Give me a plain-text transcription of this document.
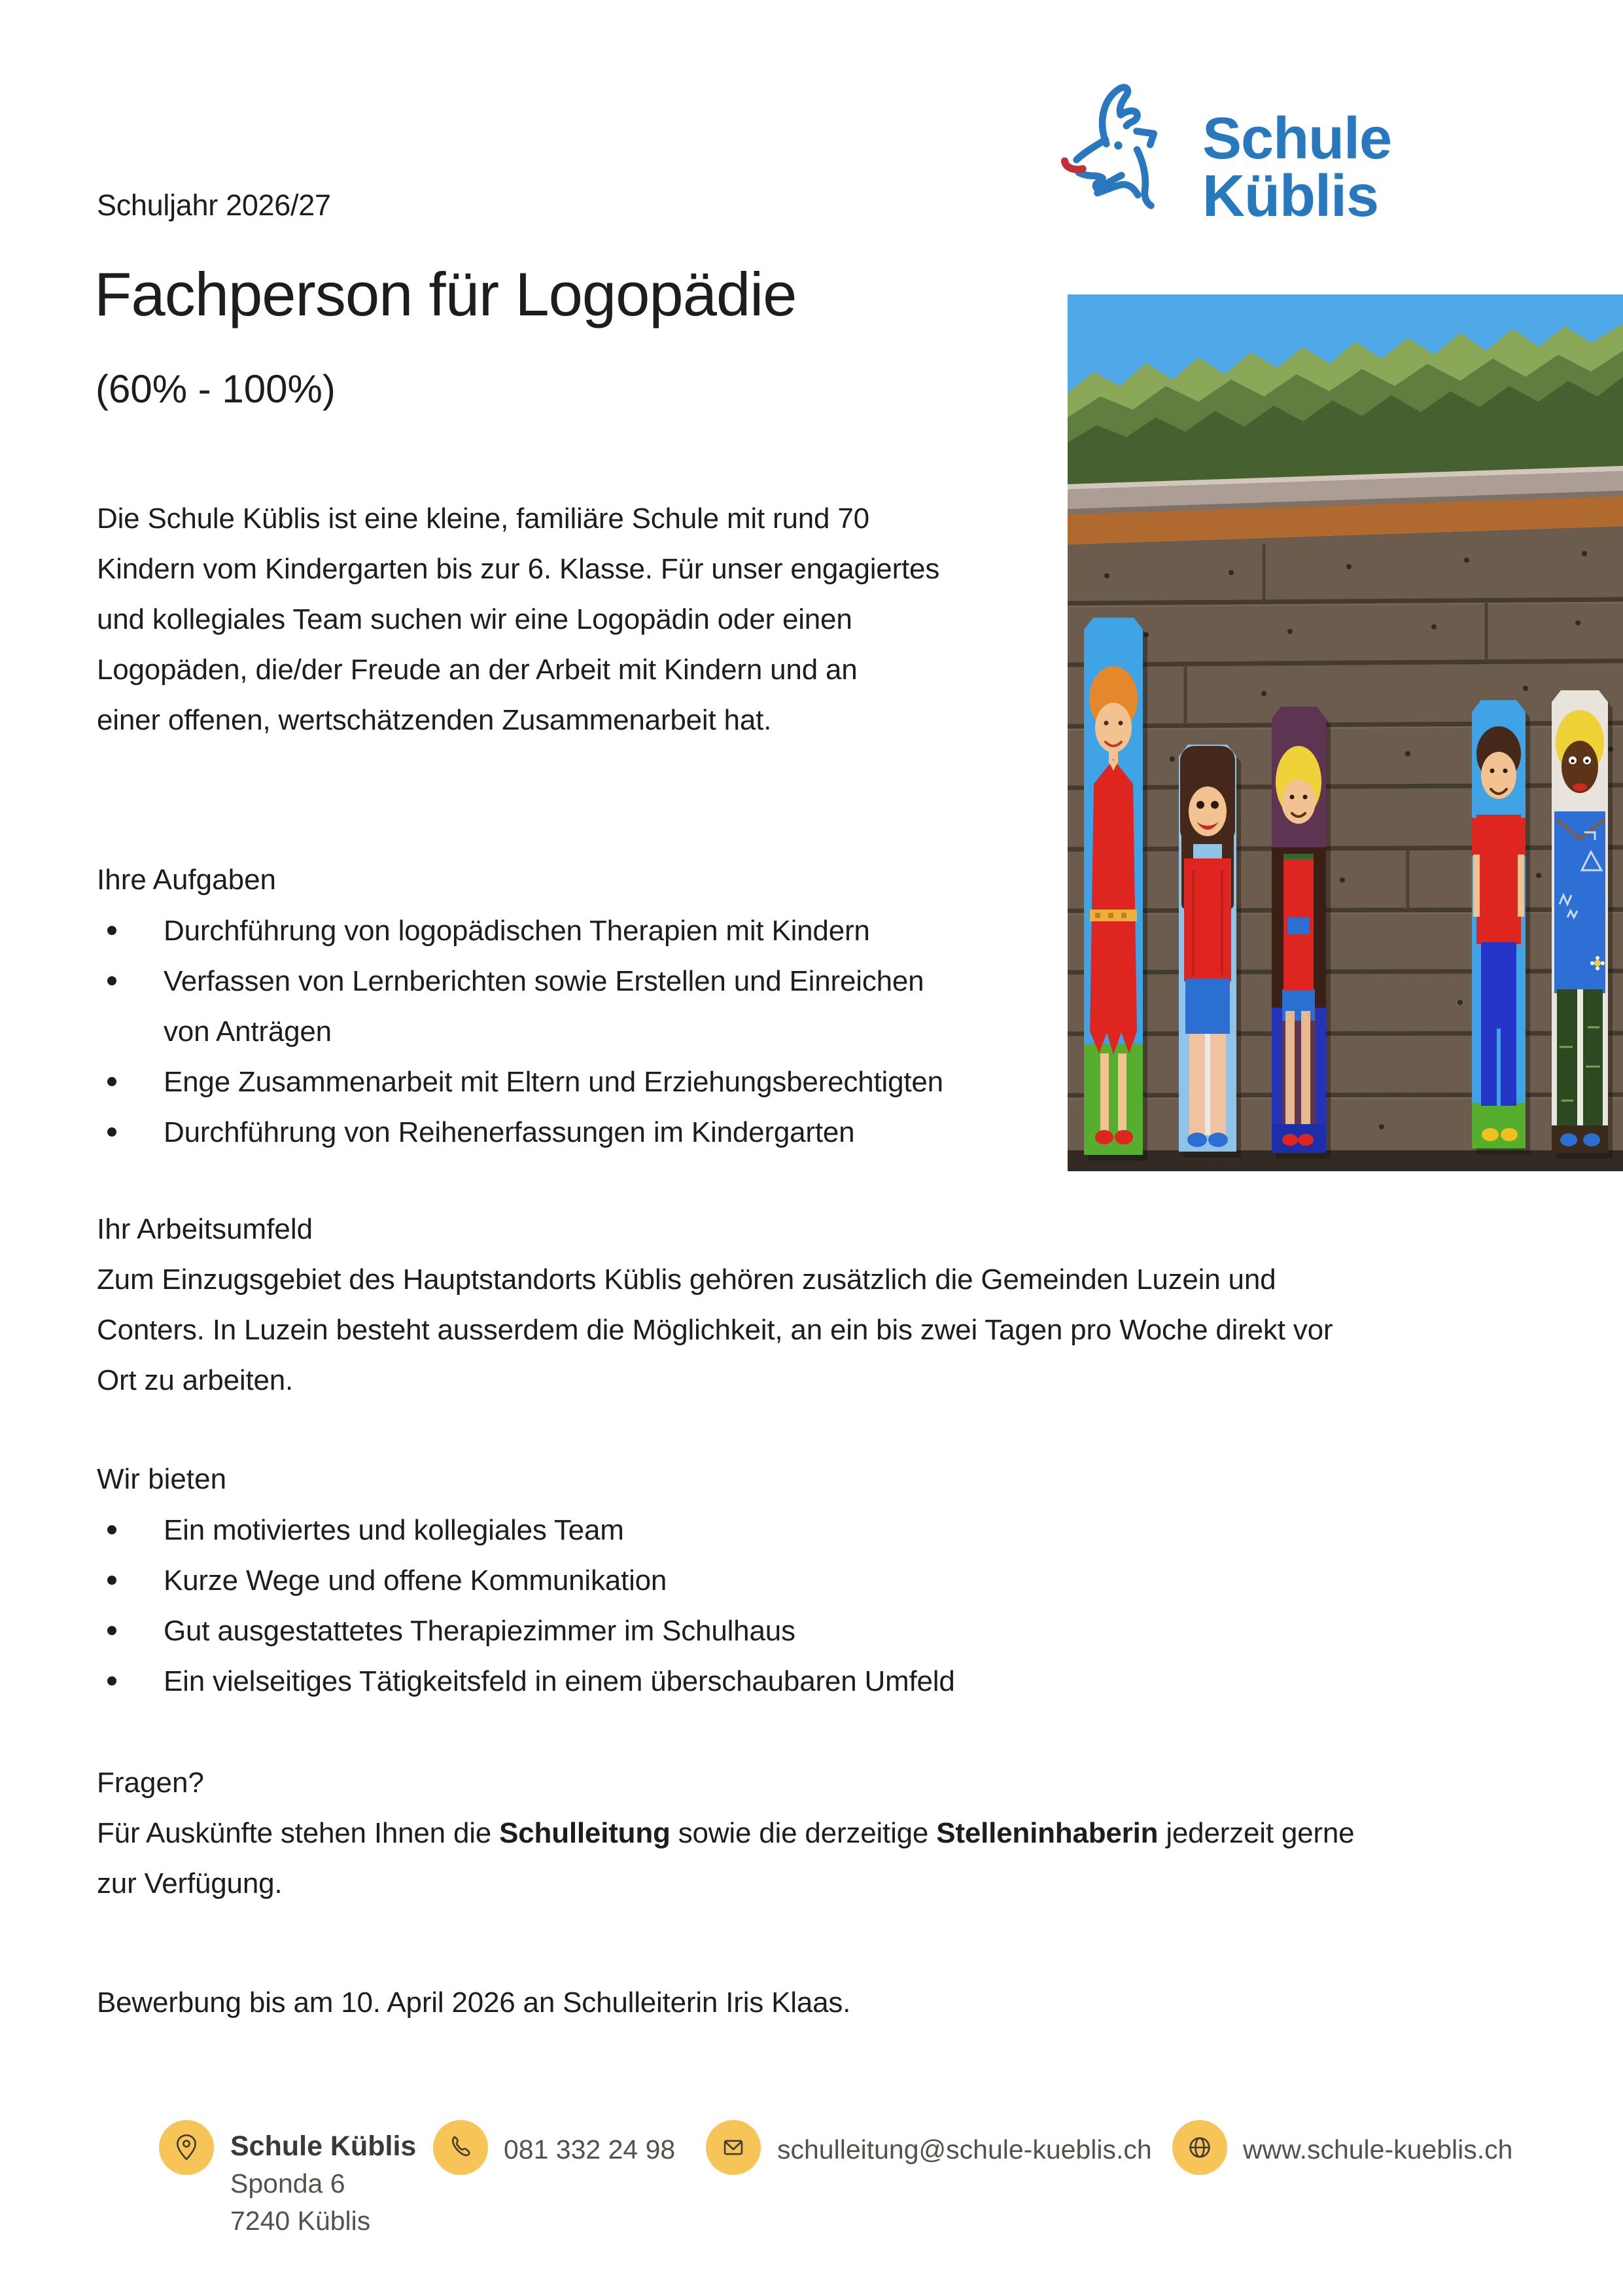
Schuljahr 2026/27
Schule
Küblis
Fachperson für Logopädie
(60% - 100%)
Die Schule Küblis ist eine kleine, familiäre Schule mit rund 70
Kindern vom Kindergarten bis zur 6. Klasse. Für unser engagiertes
und kollegiales Team suchen wir eine Logopädin oder einen
Logopäden, die/der Freude an der Arbeit mit Kindern und an
einer offenen, wertschätzenden Zusammenarbeit hat.
Ihre Aufgaben
Durchführung von logopädischen Therapien mit Kindern
Verfassen von Lernberichten sowie Erstellen und Einreichen
von Anträgen
Enge Zusammenarbeit mit Eltern und Erziehungsberechtigten
Durchführung von Reihenerfassungen im Kindergarten
Ihr Arbeitsumfeld
Zum Einzugsgebiet des Hauptstandorts Küblis gehören zusätzlich die Gemeinden Luzein und
Conters. In Luzein besteht ausserdem die Möglichkeit, an ein bis zwei Tagen pro Woche direkt vor
Ort zu arbeiten.
Wir bieten
Ein motiviertes und kollegiales Team
Kurze Wege und offene Kommunikation
Gut ausgestattetes Therapiezimmer im Schulhaus
Ein vielseitiges Tätigkeitsfeld in einem überschaubaren Umfeld
Fragen?
Für Auskünfte stehen Ihnen die Schulleitung sowie die derzeitige Stelleninhaberin jederzeit gerne
zur Verfügung.
Bewerbung bis am 10. April 2026 an Schulleiterin Iris Klaas.
Schule Küblis
Sponda 6
7240 Küblis
081 332 24 98	schulleitung@schule-kueblis.ch	www.schule-kueblis.ch
